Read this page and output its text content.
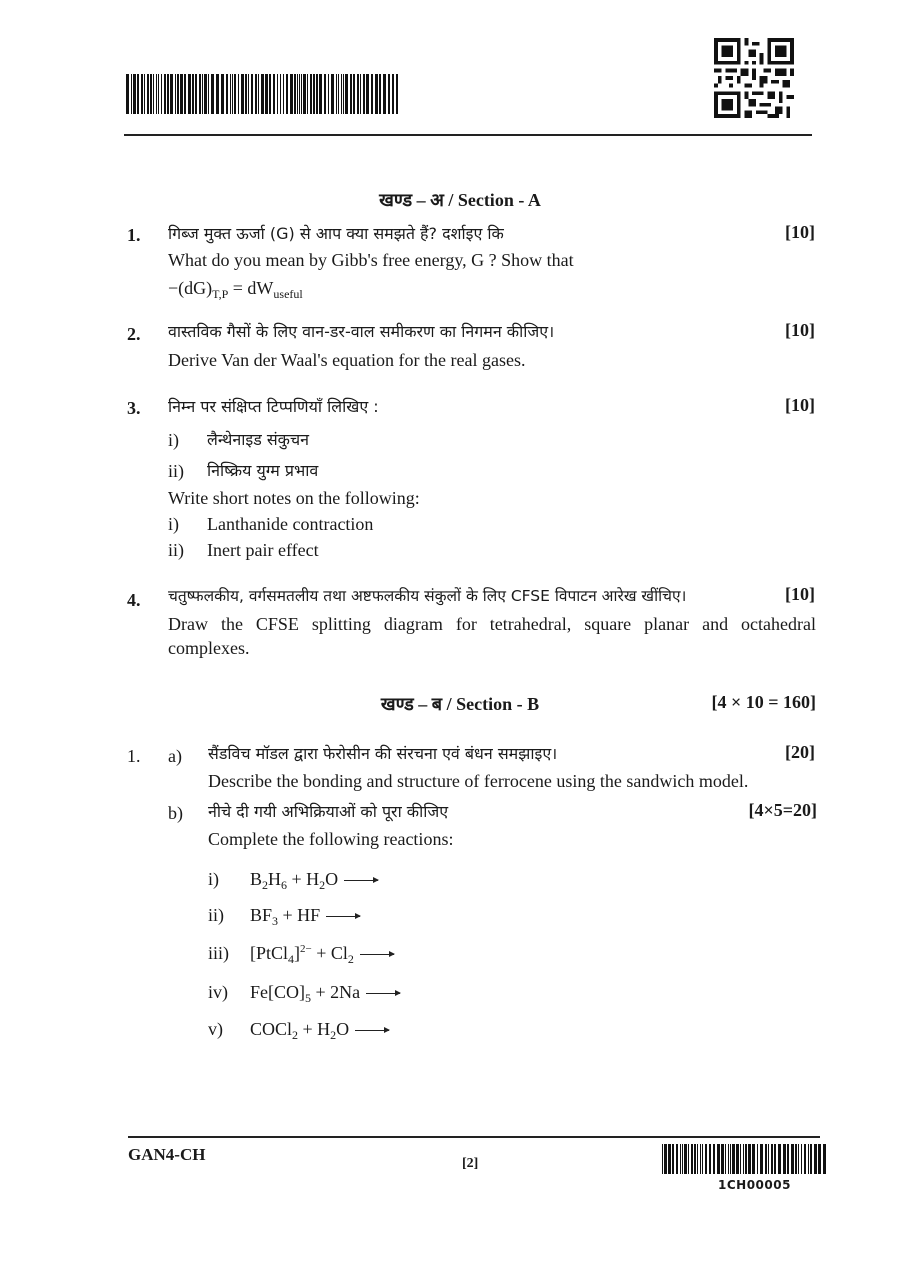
खण्ड – अ / Section - A
1. गिब्ज मुक्त ऊर्जा (G) से आप क्या समझते हैं? दर्शाइए कि	[10]
What do you mean by Gibb's free energy, G ? Show that
$-(dG)_{T,P} = dW_{useful}$
2. वास्तविक गैसों के लिए वान-डर-वाल समीकरण का निगमन कीजिए।	[10]
Derive Van der Waal's equation for the real gases.
3. निम्न पर संक्षिप्त टिप्पणियाँ लिखिए :	[10]
i) लैन्थेनाइड संकुचन
ii) निष्क्रिय युग्म प्रभाव
Write short notes on the following:
i) Lanthanide contraction
ii) Inert pair effect
4. चतुष्फलकीय, वर्गसमतलीय तथा अष्टफलकीय संकुलों के लिए CFSE विपाटन आरेख खींचिए।	[10]
Draw the CFSE splitting diagram for tetrahedral, square planar and octahedral complexes.
खण्ड – ब / Section - B	[4 × 10 = 160]
1. a) सैंडविच मॉडल द्वारा फेरोसीन की संरचना एवं बंधन समझाइए।	[20]
Describe the bonding and structure of ferrocene using the sandwich model.
b) नीचे दी गयी अभिक्रियाओं को पूरा कीजिए	[4×5=20]
Complete the following reactions:
i) $B_2H_6 + H_2O$ →
ii) $BF_3$ + HF →
iii) [PtCl$_4$]$^{2-}$ + $Cl_2$ →
iv) $Fe[CO]_5 + 2Na$ →
v) COCl$_2$ + $H_2O$ →
GAN4-CH	[2]
1CH00005
